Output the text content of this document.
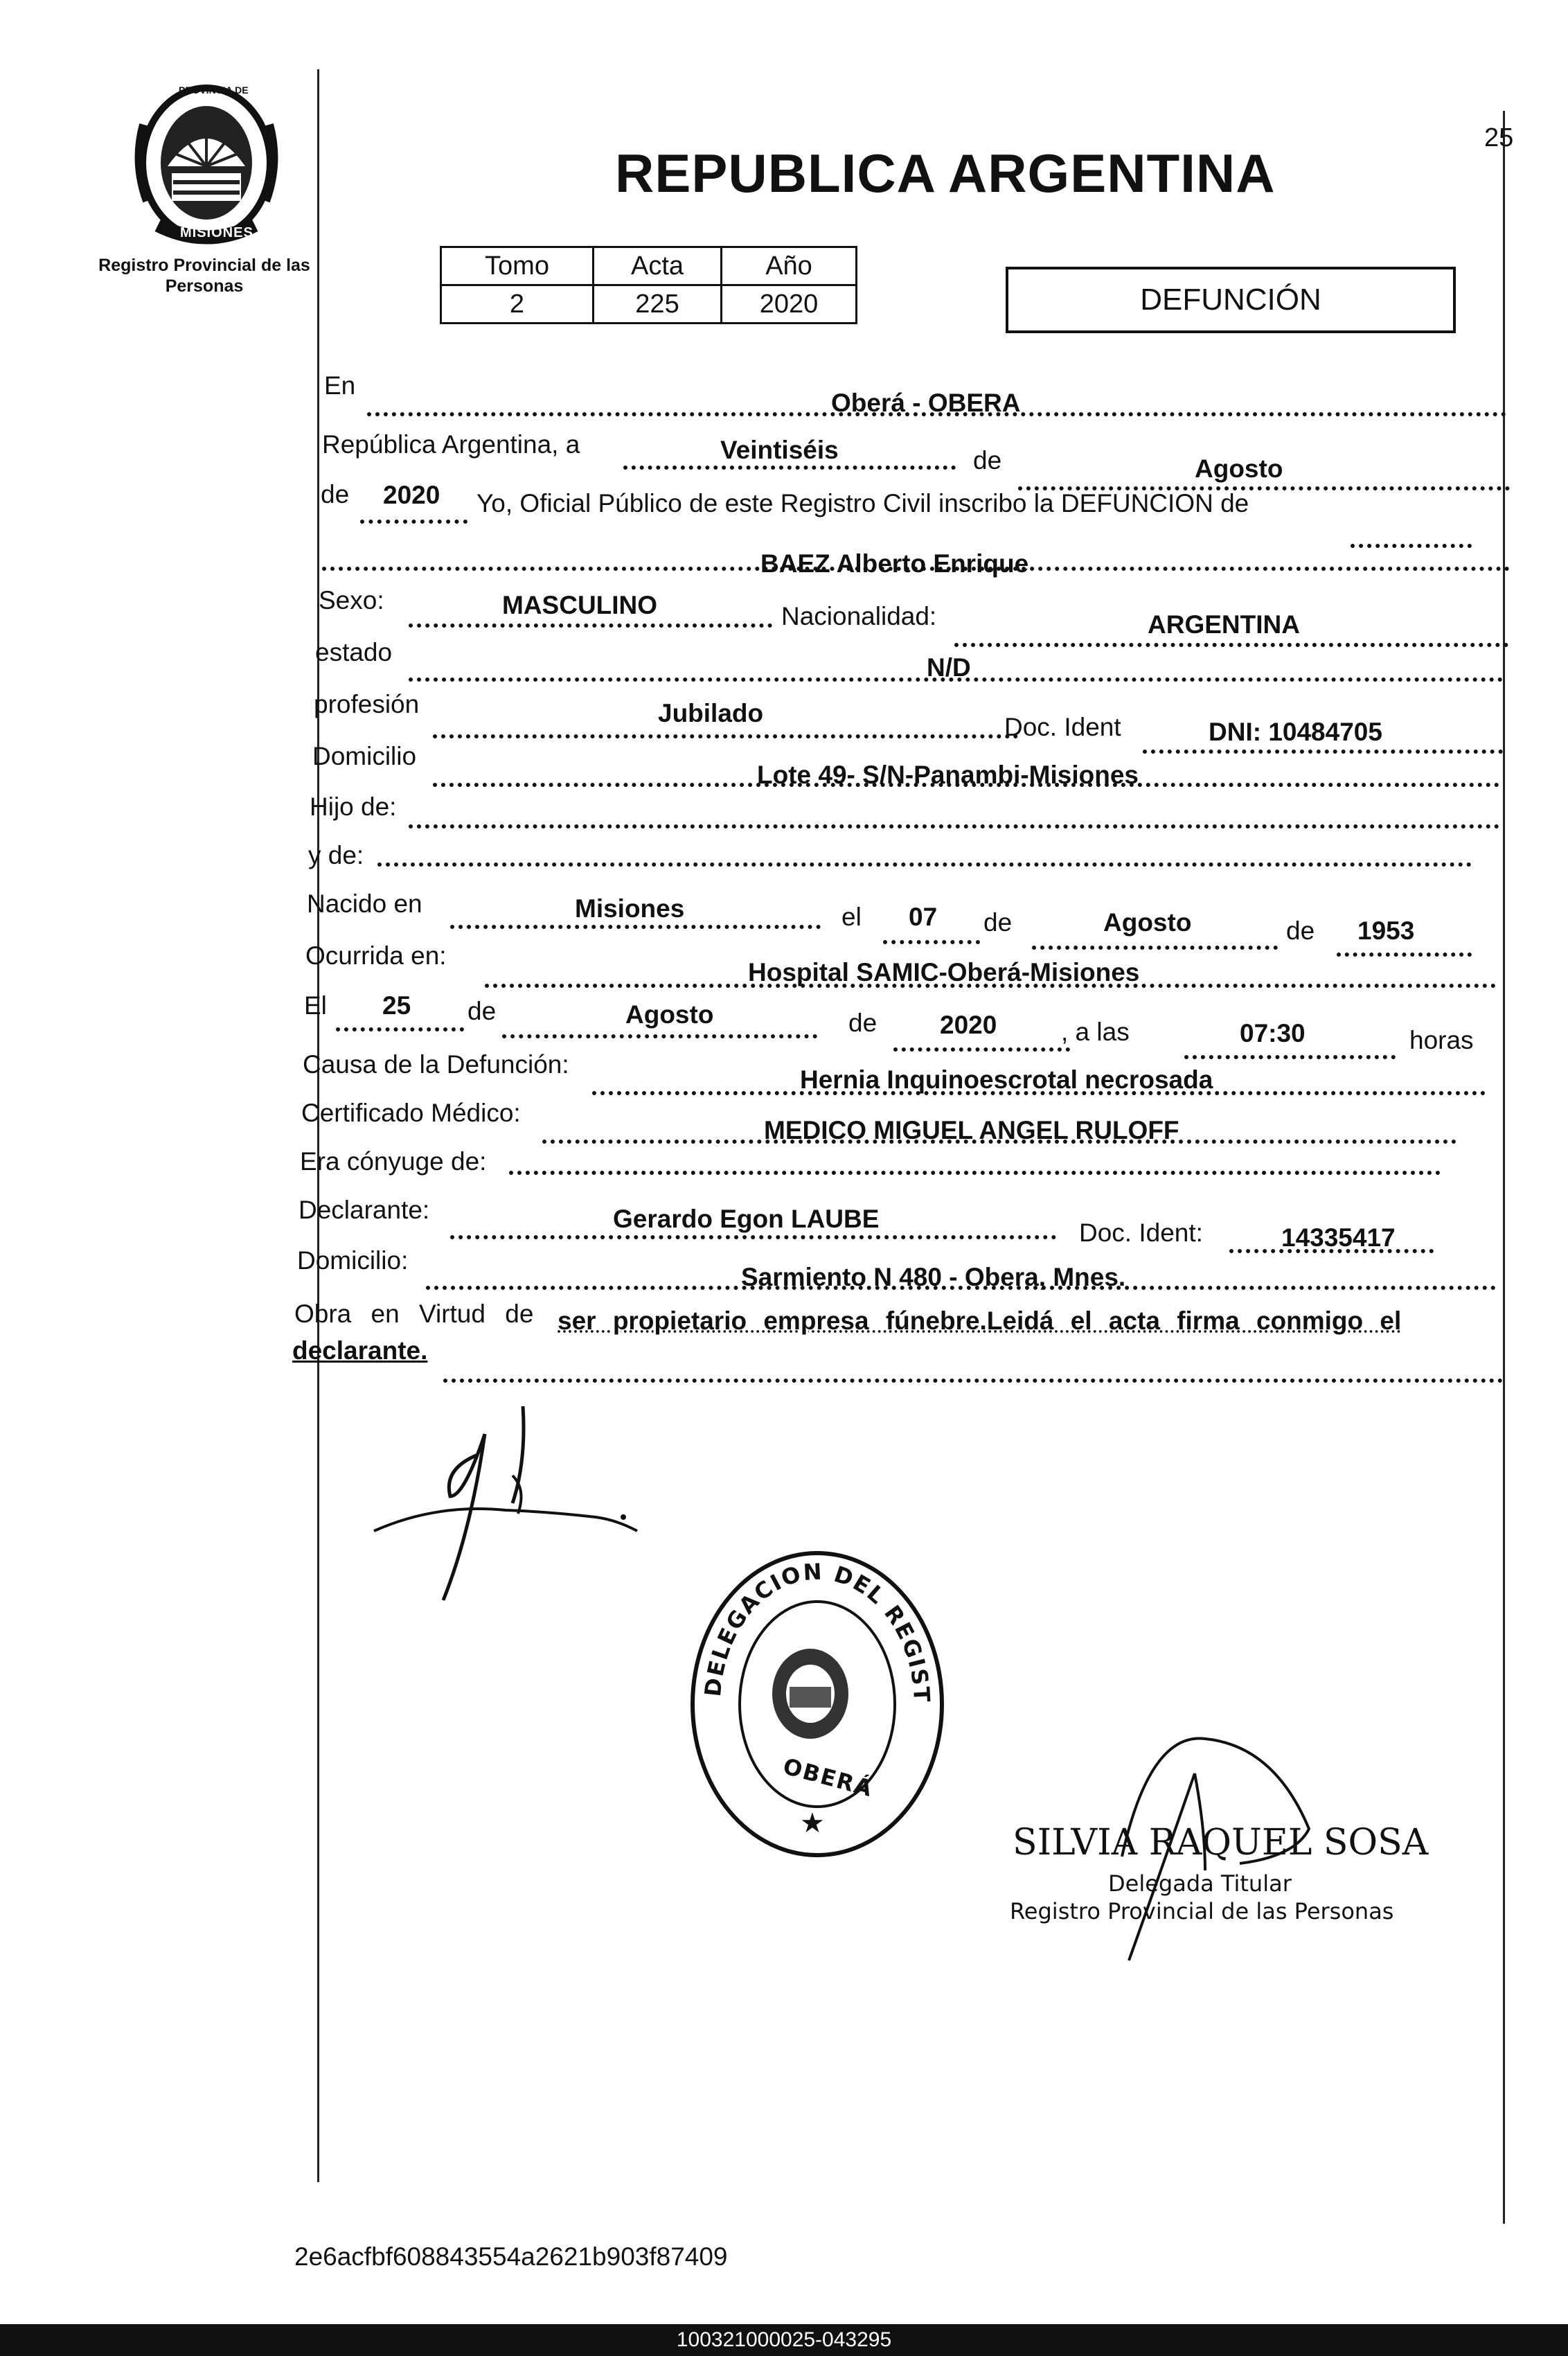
PROVINCIA DE
MISIONES
Registro Provincial de las Personas
REPUBLICA ARGENTINA
25
Tomo	Acta	Año
2	225	2020	DEFUNCIÓN
En
Oberá - OBERA
República Argentina, a	Veintiséis	de	Agosto
de 2020 Yo, Oficial Público de este Registro Civil inscribo la DEFUNCION de
BAEZ Alberto Enrique
Sexo:	MASCULINO	Nacionalidad:	ARGENTINA
estado
N/D
profesión	Jubilado	Doc. Ident	DNI: 10484705
Domicilio
Lote 49- S/N-Panambi-Misiones
Hijo de:
y de:
Nacido en	Misiones	el 07 de	Agosto	de 1953
Ocurrida en:
Hospital SAMIC-Oberá-Misiones
El 25 de	Agosto	de 2020	, a las	07:30	horas
Causa de la Defunción:
Hernia Inquinoescrotal necrosada
Certificado Médico:
MEDICO MIGUEL ANGEL RULOFF
Era cónyuge de:
Declarante:	Gerardo Egon LAUBE	Doc. Ident:	14335417
Domicilio:
Sarmiento N 480 - Obera, Mnes.
Obra en Virtud de ser propietario empresa fúnebre.Leidá el acta firma conmigo el
declarante.
DELEGACION DEL REGIST
OBERÁ
★	SILVIA RAQUEL SOSA
Delegada Titular
Registro Provincial de las Personas
2e6acfbf608843554a2621b903f87409
100321000025-043295
